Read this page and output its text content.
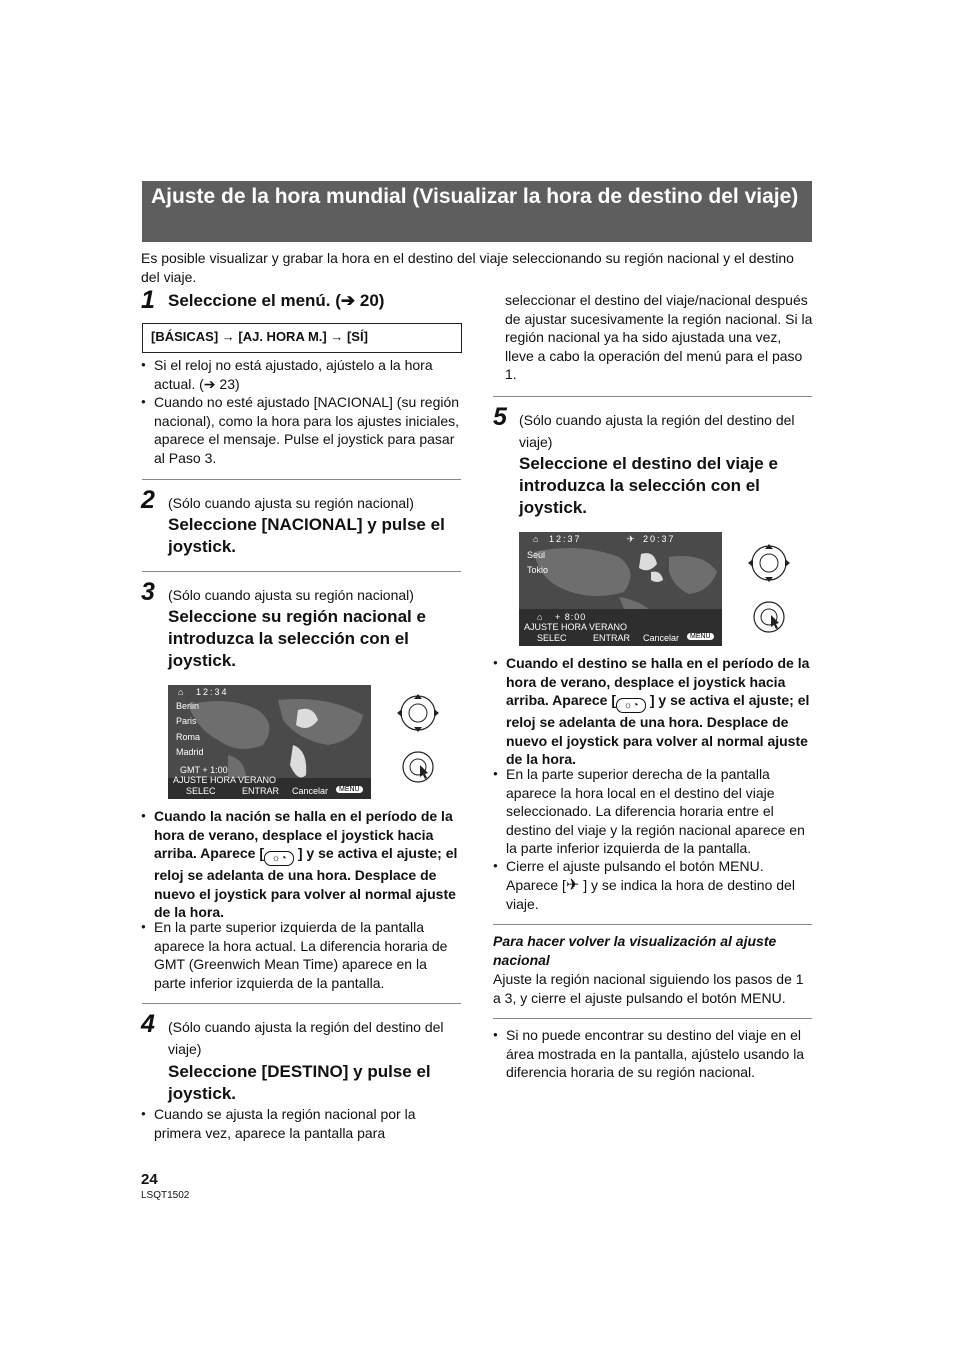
Ajuste de la hora mundial (Visualizar la hora de destino del viaje)
Es posible visualizar y grabar la hora en el destino del viaje seleccionando su región nacional y el destino del viaje.
1 Seleccione el menú. (➔ 20)
[BÁSICAS] → [AJ. HORA M.] → [SÍ]
● Si el reloj no está ajustado, ajústelo a la hora actual. (➔ 23)
● Cuando no esté ajustado [NACIONAL] (su región nacional), como la hora para los ajustes iniciales, aparece el mensaje. Pulse el joystick para pasar al Paso 3.
2 (Sólo cuando ajusta su región nacional)
Seleccione [NACIONAL] y pulse el joystick.
3 (Sólo cuando ajusta su región nacional)
Seleccione su región nacional e introduzca la selección con el joystick.
⌂ 12:34
Berlin
Paris
Roma
Madrid
GMT + 1:00
AJUSTE HORA VERANO
SELEC	ENTRAR Cancelar	MENU
● Cuando la nación se halla en el período de la hora de verano, desplace el joystick hacia arriba. Aparece [ ☼◔ ] y se activa el ajuste; el reloj se adelanta de una hora. Desplace de nuevo el joystick para volver al normal ajuste de la hora.
● En la parte superior izquierda de la pantalla aparece la hora actual. La diferencia horaria de GMT (Greenwich Mean Time) aparece en la parte inferior izquierda de la pantalla.
4 (Sólo cuando ajusta la región del destino del viaje)
Seleccione [DESTINO] y pulse el joystick.
● Cuando se ajusta la región nacional por la primera vez, aparece la pantalla para
seleccionar el destino del viaje/nacional después de ajustar sucesivamente la región nacional. Si la región nacional ya ha sido ajustada una vez, lleve a cabo la operación del menú para el paso 1.
5 (Sólo cuando ajusta la región del destino del viaje)
Seleccione el destino del viaje e introduzca la selección con el joystick.
⌂ 12:37	✈ 20:37
Seúl
Tokio
⌂ + 8:00
AJUSTE HORA VERANO
SELEC	ENTRAR Cancelar	MENU
● Cuando el destino se halla en el período de la hora de verano, desplace el joystick hacia arriba. Aparece [ ☼◔ ] y se activa el ajuste; el reloj se adelanta de una hora. Desplace de nuevo el joystick para volver al normal ajuste de la hora.
● En la parte superior derecha de la pantalla aparece la hora local en el destino del viaje seleccionado. La diferencia horaria entre el destino del viaje y la región nacional aparece en la parte inferior izquierda de la pantalla.
● Cierre el ajuste pulsando el botón MENU. Aparece [✈ ] y se indica la hora de destino del viaje.
Para hacer volver la visualización al ajuste nacional
Ajuste la región nacional siguiendo los pasos de 1 a 3, y cierre el ajuste pulsando el botón MENU.
● Si no puede encontrar su destino del viaje en el área mostrada en la pantalla, ajústelo usando la diferencia horaria de su región nacional.
24
LSQT1502
